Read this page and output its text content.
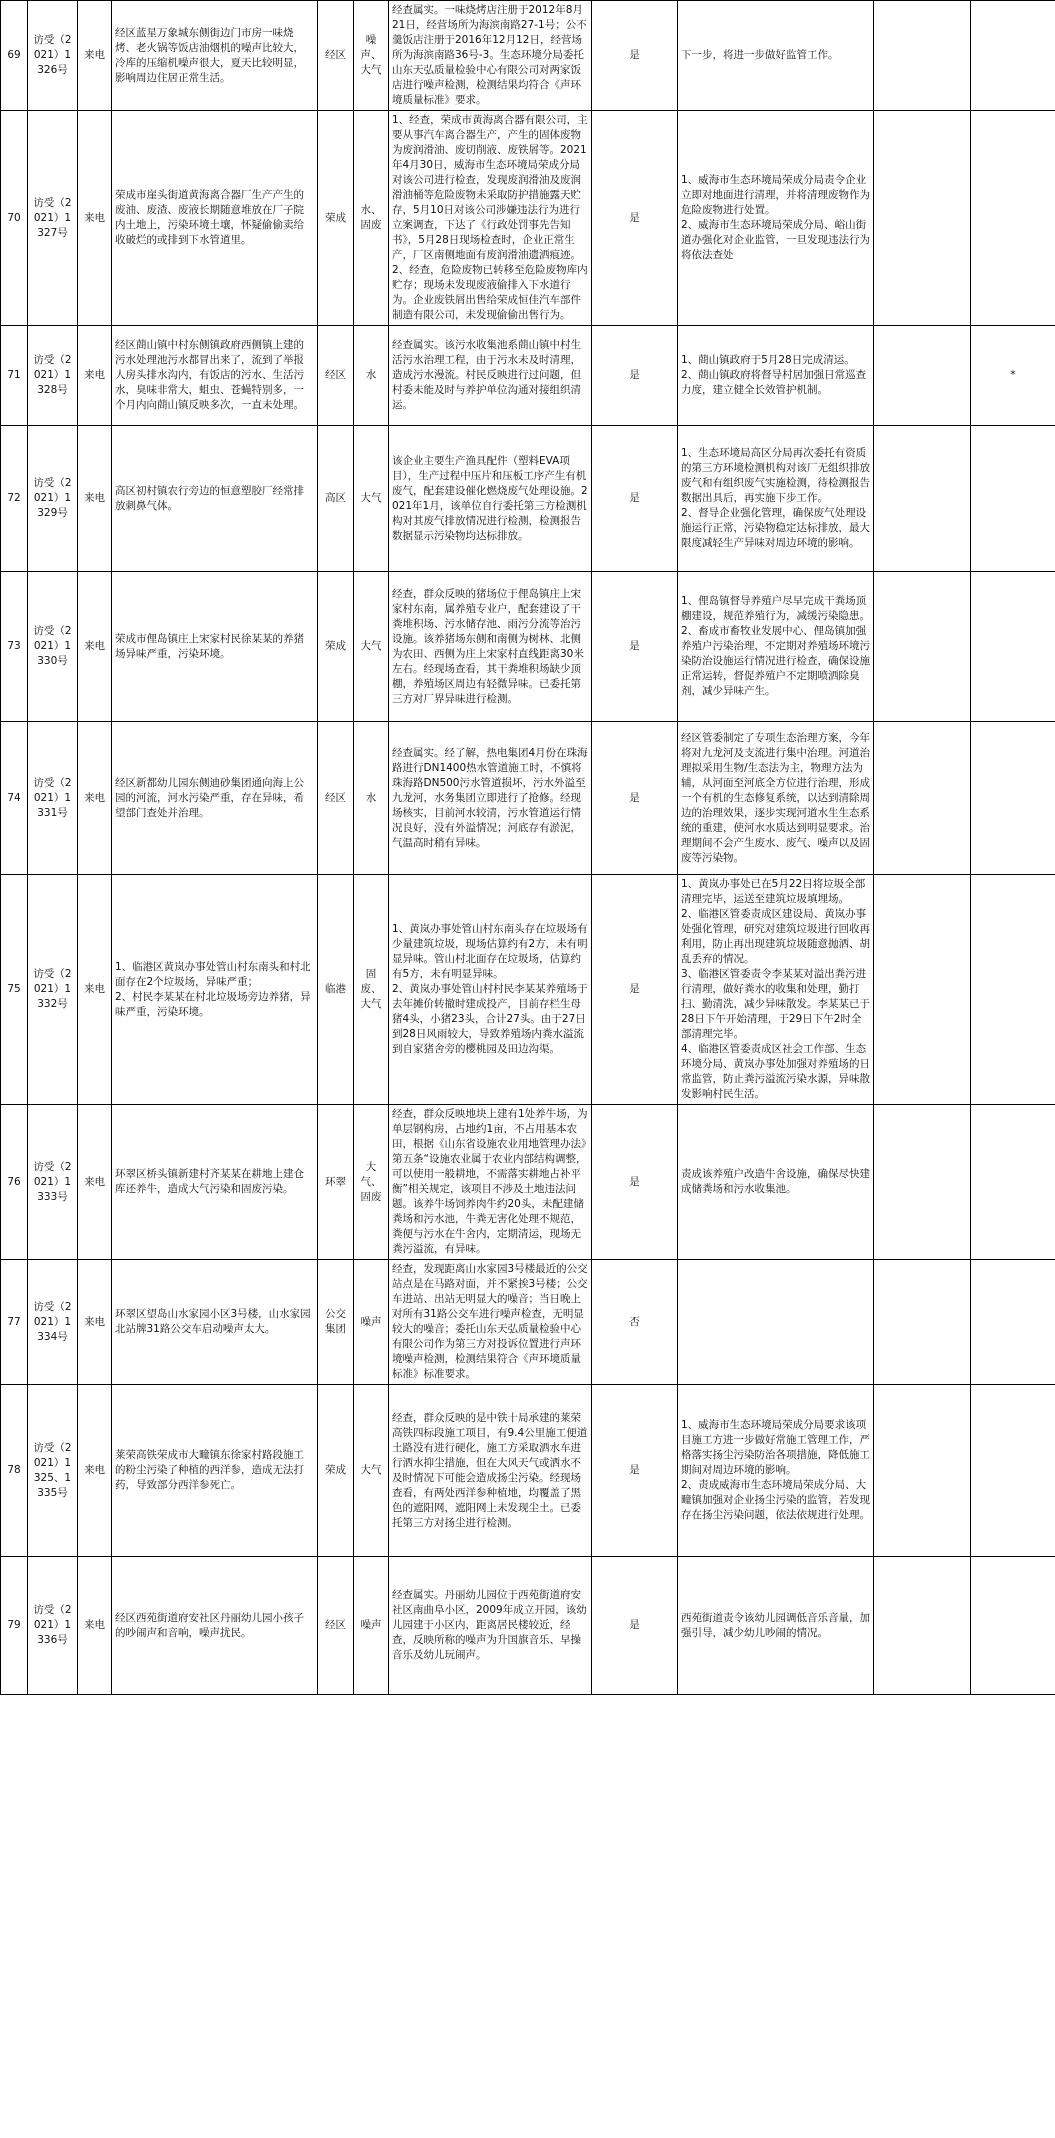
69	访受（2021）1326号	来电	经区蓝星万象城东侧街边门市房一味烧烤、老火锅等饭店油烟机的噪声比较大，冷库的压缩机噪声很大，夏天比较明显，影响周边住居正常生活。	经区	噪声、大气	经查属实。一味烧烤店注册于2012年8月21日，经营场所为海滨南路27-1号；公不羹饭店注册于2016年12月12日，经营场所为海滨南路36号-3。生态环境分局委托山东天弘质量检验中心有限公司对两家饭店进行噪声检测，检测结果均符合《声环境质量标准》要求。	是	下一步，将进一步做好监管工作。		
70	访受（2021）1327号	来电	荣成市崖头街道黄海离合器厂生产产生的废油、废渣、废液长期随意堆放在厂子院内土地上，污染环境土壤，怀疑偷偷卖给收破烂的或排到下水管道里。	荣成	水、固废	1、经查，荣成市黄海离合器有限公司，主要从事汽车离合器生产，产生的固体废物为废润滑油、废切削液、废铁屑等。2021年4月30日，威海市生态环境局荣成分局对该公司进行检查，发现废润滑油及废润滑油桶等危险废物未采取防护措施露天贮存，5月10日对该公司涉嫌违法行为进行立案调查，下达了《行政处罚事先告知书》，5月28日现场检查时，企业正常生产，厂区南侧地面有废润滑油遗洒痕迹。
2、经查，危险废物已转移至危险废物库内贮存；现场未发现废液偷排入下水道行为。企业废铁屑出售给荣成恒佳汽车部件制造有限公司，未发现偷偷出售行为。	是	1、威海市生态环境局荣成分局责令企业立即对地面进行清理，并将清理废物作为危险废物进行处置。
2、威海市生态环境局荣成分局、峪山街道办强化对企业监管，一旦发现违法行为将依法查处		
71	访受（2021）1328号	来电	经区蔄山镇中村东侧镇政府西侧镇上建的污水处理池污水都冒出来了，流到了举报人房头排水沟内，有饭店的污水、生活污水，臭味非常大，蛆虫、苍蝇特别多，一个月内向蔄山镇反映多次，一直未处理。	经区	水	经查属实。该污水收集池系蔄山镇中村生活污水治理工程，由于污水未及时清理，造成污水漫流。村民反映进行过问题，但村委未能及时与养护单位沟通对接组织清运。	是	1、蔄山镇政府于5月28日完成清运。
2、蔄山镇政府将督导村居加强日常巡查力度，建立健全长效管护机制。		*
72	访受（2021）1329号	来电	高区初村镇农行旁边的恒意塑胶厂经常排放刺鼻气体。	高区	大气	该企业主要生产渔具配件（塑料EVA项目），生产过程中压片和压板工序产生有机废气，配套建设催化燃烧废气处理设施。2021年1月，该单位自行委托第三方检测机构对其废气排放情况进行检测，检测报告数据显示污染物均达标排放。	是	1、生态环境局高区分局再次委托有资质的第三方环境检测机构对该厂无组织排放废气和有组织废气实施检测，待检测报告数据出具后，再实施下步工作。
2、督导企业强化管理，确保废气处理设施运行正常，污染物稳定达标排放，最大限度减轻生产异味对周边环境的影响。		
73	访受（2021）1330号	来电	荣成市俚岛镇庄上宋家村民徐某某的养猪场异味严重，污染环境。	荣成	大气	经查，群众反映的猪场位于俚岛镇庄上宋家村东南，属养殖专业户，配套建设了干粪堆积场、污水储存池、雨污分流等治污设施。该养猪场东侧和南侧为树林、北侧为农田、西侧为庄上宋家村直线距离30米左右。经现场查看，其干粪堆积场缺少顶棚，养殖场区周边有轻微异味。已委托第三方对厂界异味进行检测。	是	1、俚岛镇督导养殖户尽早完成干粪场顶棚建设，规范养殖行为，减缓污染隐患。
2、畜成市畜牧业发展中心、俚岛镇加强养殖户污染治理，不定期对养殖场环境污染防治设施运行情况进行检查，确保设施正常运转，督促养殖户不定期喷洒除臭剂，减少异味产生。		
74	访受（2021）1331号	来电	经区新都幼儿园东侧迪砂集团通向海上公园的河流，河水污染严重，存在异味，希望部门查处并治理。	经区	水	经查属实。经了解，热电集团4月份在珠海路进行DN1400热水管道施工时，不慎将珠海路DN500污水管道损坏，污水外溢至九龙河，水务集团立即进行了抢修。经现场核实，目前河水较清，污水管道运行情况良好，没有外溢情况；河底存有淤泥，气温高时稍有异味。	是	经区管委制定了专项生态治理方案，今年将对九龙河及支流进行集中治理。河道治理拟采用生物/生态法为主，物理方法为辅，从河面至河底全方位进行治理，形成一个有机的生态修复系统，以达到清除周边的治理效果，逐步实现河道水生生态系统的重建，使河水水质达到明显要求。治理期间不会产生废水、废气、噪声以及固废等污染物。		
75	访受（2021）1332号	来电	1、临港区黄岚办事处管山村东南头和村北面存在2个垃圾场，异味严重；
2、村民李某某在村北垃圾场旁边养猪，异味严重，污染环境。	临港	固废、大气	1、黄岚办事处管山村东南头存在垃圾场有少量建筑垃圾，现场估算约有2方，未有明显异味。管山村北面存在垃圾场，估算约有5方，未有明显异味。
2、黄岚办事处管山村村民李某某养殖场于去年摊价转撤时建成投产，目前存栏生母猪4头，小猪23头，合计27头。由于27日到28日风雨较大，导致养殖场内粪水溢流到自家猪舍旁的樱桃园及田边沟渠。	是	1、黄岚办事处已在5月22日将垃圾全部清理完毕，运送至建筑垃圾填埋场。
2、临港区管委责成区建设局、黄岚办事处强化管理，研究对建筑垃圾进行回收再利用，防止再出现建筑垃圾随意抛洒、胡乱丢弃的情况。
3、临港区管委责令李某某对溢出粪污进行清理，做好粪水的收集和处理，勤打扫、勤清洗，减少异味散发。李某某已于28日下午开始清理，于29日下午2时全部清理完毕。
4、临港区管委责成区社会工作部、生态环境分局、黄岚办事处加强对养殖场的日常监管，防止粪污溢流污染水源，异味散发影响村民生活。		
76	访受（2021）1333号	来电	环翠区桥头镇新建村齐某某在耕地上建仓库还养牛，造成大气污染和固废污染。	环翠	大气、固废	经查，群众反映地块上建有1处养牛场，为单层钢构房，占地约1亩，不占用基本农田，根据《山东省设施农业用地管理办法》第五条“设施农业属于农业内部结构调整，可以使用一般耕地，不需落实耕地占补平衡”相关规定，该项目不涉及土地违法问题。该养牛场饲养肉牛约20头，未配建储粪场和污水池，牛粪无害化处理不规范，粪便与污水在牛舍内，定期清运，现场无粪污溢流，有异味。	是	责成该养殖户改造牛舍设施，确保尽快建成储粪场和污水收集池。		
77	访受（2021）1334号	来电	环翠区望岛山水家园小区3号楼，山水家园北站牌31路公交车启动噪声太大。	公交集团	噪声	经查，发现距离山水家园3号楼最近的公交站点是在马路对面，并不紧挨3号楼；公交车进站、出站无明显大的噪音；当日晚上对所有31路公交车进行噪声检查，无明显较大的噪音；委托山东天弘质量检验中心有限公司作为第三方对投诉位置进行声环境噪声检测，检测结果符合《声环境质量标准》标准要求。	否			
78	访受（2021）1325、1335号	来电	莱荣高铁荣成市大疃镇东徐家村路段施工的粉尘污染了种植的西洋参，造成无法打药，导致部分西洋参死亡。	荣成	大气	经查，群众反映的是中铁十局承建的莱荣高铁四标段施工项目，有9.4公里施工便道土路没有进行硬化，施工方采取洒水车进行洒水抑尘措施，但在大风天气或洒水不及时情况下可能会造成扬尘污染。经现场查看，有两处西洋参种植地，均覆盖了黑色的遮阳网，遮阳网上未发现尘土。已委托第三方对扬尘进行检测。	是	1、威海市生态环境局荣成分局要求该项目施工方进一步做好常施工管理工作，严格落实扬尘污染防治各项措施，降低施工期间对周边环境的影响。
2、责成威海市生态环境局荣成分局、大疃镇加强对企业扬尘污染的监管，若发现存在扬尘污染问题，依法依规进行处理。		
79	访受（2021）1336号	来电	经区西苑街道府安社区丹丽幼儿园小孩子的吵闹声和音响，噪声扰民。	经区	噪声	经查属实。丹丽幼儿园位于西苑街道府安社区南曲阜小区，2009年成立开园，该幼儿园建于小区内，距离居民楼较近，经查，反映所称的噪声为升国旗音乐、早操音乐及幼儿玩闹声。	是	西苑街道责令该幼儿园调低音乐音量，加强引导，减少幼儿吵闹的情况。		
